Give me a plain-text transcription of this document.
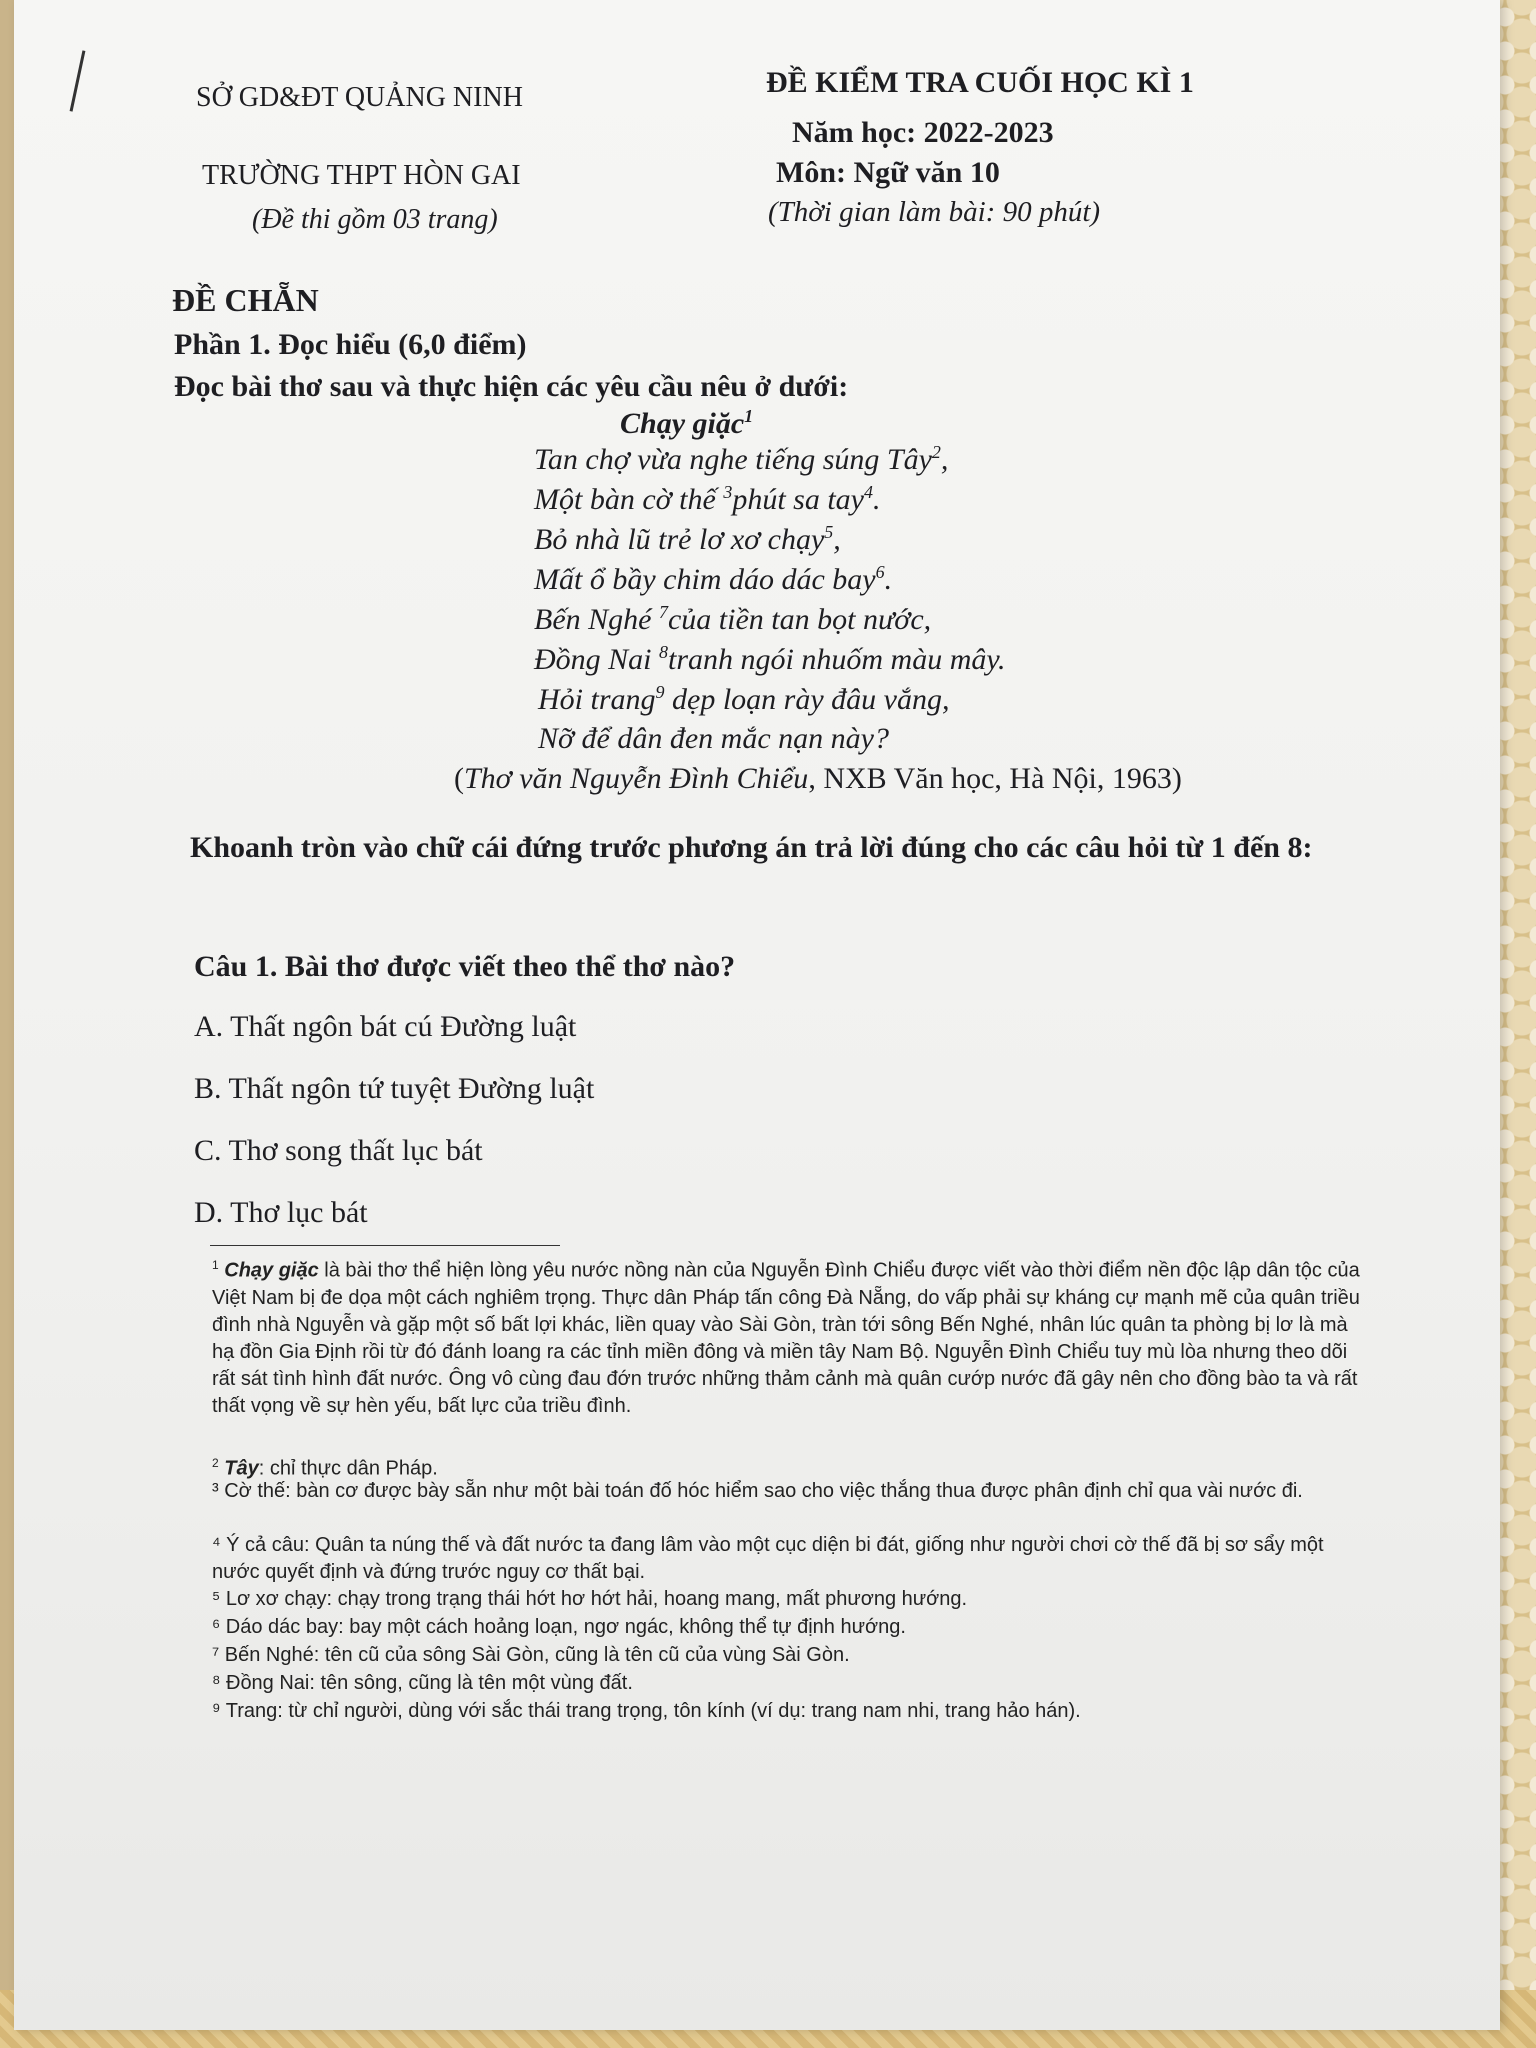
SỞ GD&ĐT QUẢNG NINH
TRƯỜNG THPT HÒN GAI
(Đề thi gồm 03 trang)
ĐỀ KIỂM TRA CUỐI HỌC KÌ 1
Năm học: 2022-2023
Môn: Ngữ văn 10
(Thời gian làm bài: 90 phút)
ĐỀ CHẴN
Phần 1. Đọc hiểu (6,0 điểm)
Đọc bài thơ sau và thực hiện các yêu cầu nêu ở dưới:
Chạy giặc$^1$
Tan chợ vừa nghe tiếng súng Tây$^2$,
Một bàn cờ thế $^3$phút sa tay$^4$.
Bỏ nhà lũ trẻ lơ xơ chạy$^5$,
Mất ổ bầy chim dáo dác bay$^6$.
Bến Nghé $^7$của tiền tan bọt nước,
Đồng Nai $^8$tranh ngói nhuốm màu mây.
Hỏi trang$^9$ dẹp loạn rày đâu vắng,
Nỡ để dân đen mắc nạn này?
(Thơ văn Nguyễn Đình Chiểu, NXB Văn học, Hà Nội, 1963)
Khoanh tròn vào chữ cái đứng trước phương án trả lời đúng cho các câu hỏi từ 1 đến 8:
Câu 1. Bài thơ được viết theo thể thơ nào?
A. Thất ngôn bát cú Đường luật
B. Thất ngôn tứ tuyệt Đường luật
C. Thơ song thất lục bát
D. Thơ lục bát
$^1$ Chạy giặc là bài thơ thể hiện lòng yêu nước nồng nàn của Nguyễn Đình Chiểu được viết vào thời điểm nền độc lập dân tộc của Việt Nam bị đe dọa một cách nghiêm trọng. Thực dân Pháp tấn công Đà Nẵng, do vấp phải sự kháng cự mạnh mẽ của quân triều đình nhà Nguyễn và gặp một số bất lợi khác, liền quay vào Sài Gòn, tràn tới sông Bến Nghé, nhân lúc quân ta phòng bị lơ là mà hạ đồn Gia Định rồi từ đó đánh loang ra các tỉnh miền đông và miền tây Nam Bộ. Nguyễn Đình Chiểu tuy mù lòa nhưng theo dõi rất sát tình hình đất nước. Ông vô cùng đau đớn trước những thảm cảnh mà quân cướp nước đã gây nên cho đồng bào ta và rất thất vọng về sự hèn yếu, bất lực của triều đình.
$^2$ Tây: chỉ thực dân Pháp.
³ Cờ thế: bàn cơ được bày sẵn như một bài toán đố hóc hiểm sao cho việc thắng thua được phân định chỉ qua vài nước đi.
⁴ Ý cả câu: Quân ta núng thế và đất nước ta đang lâm vào một cục diện bi đát, giống như người chơi cờ thế đã bị sơ sẩy một nước quyết định và đứng trước nguy cơ thất bại.
⁵ Lơ xơ chạy: chạy trong trạng thái hớt hơ hớt hải, hoang mang, mất phương hướng.
⁶ Dáo dác bay: bay một cách hoảng loạn, ngơ ngác, không thể tự định hướng.
⁷ Bến Nghé: tên cũ của sông Sài Gòn, cũng là tên cũ của vùng Sài Gòn.
⁸ Đồng Nai: tên sông, cũng là tên một vùng đất.
⁹ Trang: từ chỉ người, dùng với sắc thái trang trọng, tôn kính (ví dụ: trang nam nhi, trang hảo hán).
